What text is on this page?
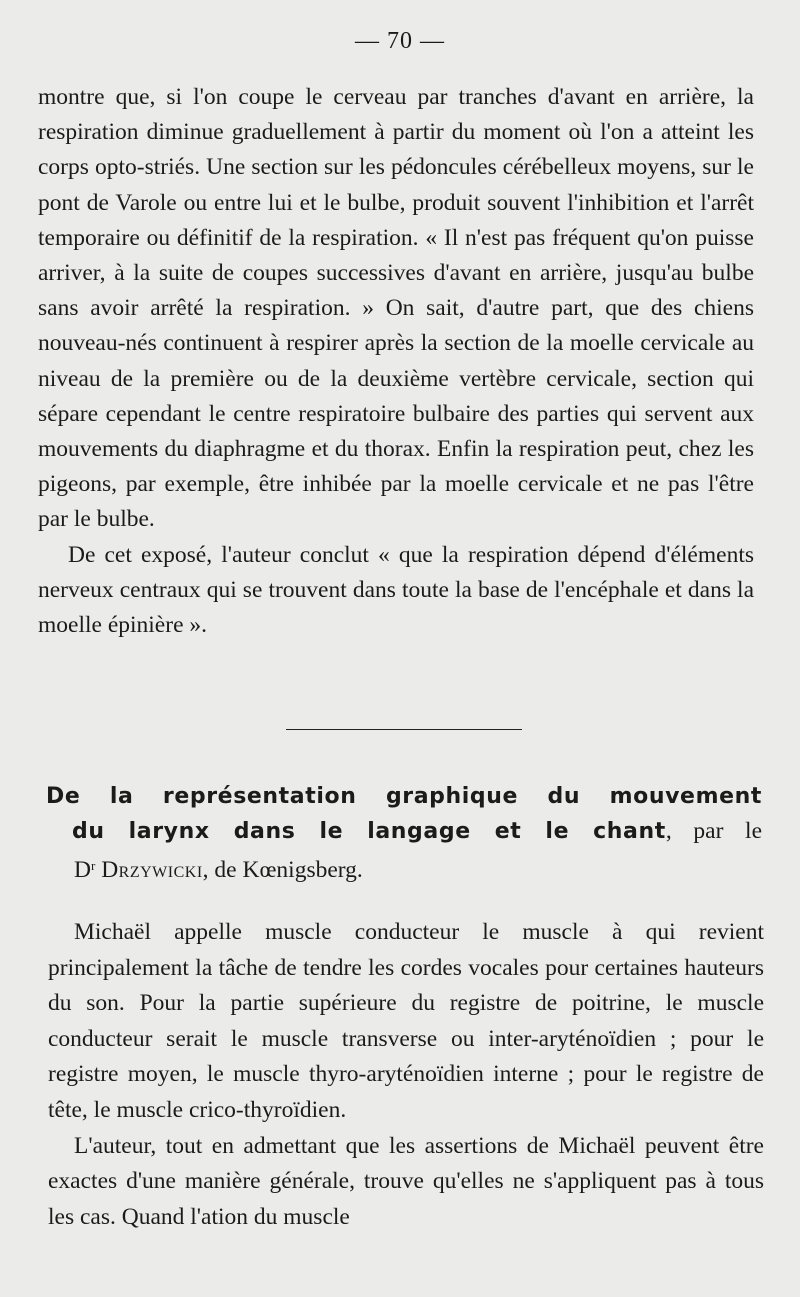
— 70 —

montre que, si l'on coupe le cerveau par tranches d'avant en arrière, la respiration diminue graduellement à partir du moment où l'on a atteint les corps opto-striés. Une section sur les pédoncules cérébelleux moyens, sur le pont de Varole ou entre lui et le bulbe, produit souvent l'inhibition et l'arrêt temporaire ou définitif de la respiration. « Il n'est pas fréquent qu'on puisse arriver, à la suite de coupes successives d'avant en arrière, jusqu'au bulbe sans avoir arrêté la respiration. » On sait, d'autre part, que des chiens nouveau-nés continuent à respirer après la section de la moelle cervicale au niveau de la première ou de la deuxième vertèbre cervicale, section qui sépare cependant le centre respiratoire bulbaire des parties qui servent aux mouvements du diaphragme et du thorax. Enfin la respiration peut, chez les pigeons, par exemple, être inhibée par la moelle cervicale et ne pas l'être par le bulbe.

De cet exposé, l'auteur conclut « que la respiration dépend d'éléments nerveux centraux qui se trouvent dans toute la base de l'encéphale et dans la moelle épinière ».

De la représentation graphique du mouvement
du larynx dans le langage et le chant, par le
$D^r$ Drzywicki, de Kœnigsberg.

Michaël appelle muscle conducteur le muscle à qui revient principalement la tâche de tendre les cordes vocales pour certaines hauteurs du son. Pour la partie supérieure du registre de poitrine, le muscle conducteur serait le muscle transverse ou inter-aryténoïdien ; pour le registre moyen, le muscle thyro-aryténoïdien interne ; pour le registre de tête, le muscle crico-thyroïdien.

L'auteur, tout en admettant que les assertions de Michaël peuvent être exactes d'une manière générale, trouve qu'elles ne s'appliquent pas à tous les cas. Quand l'ation du muscle
